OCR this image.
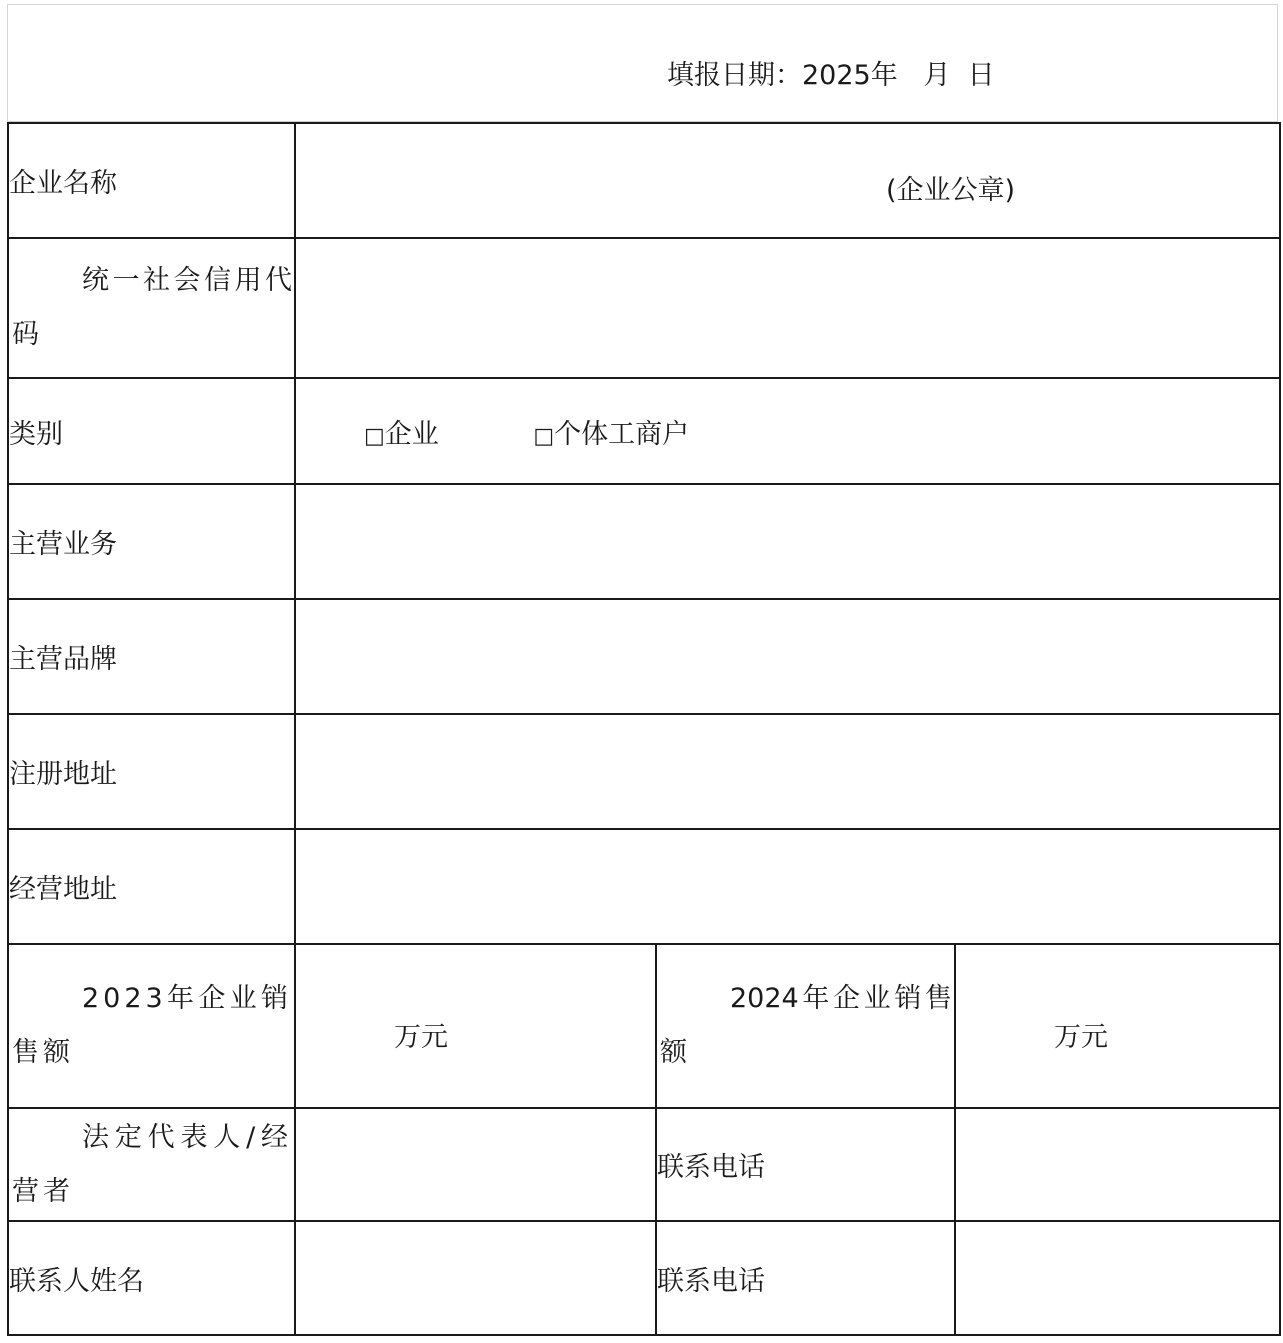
填报日期：2025年   月  日
企业名称	(企业公章)		

统一社会信用代码			

类别	□企业 □个体工商户		
主营业务			
主营品牌			
注册地址			
经营地址			

2023年企业销售额	万元	2024年企业销售额	万元

法定代表人/经营者		联系电话	
联系人姓名		联系电话	
